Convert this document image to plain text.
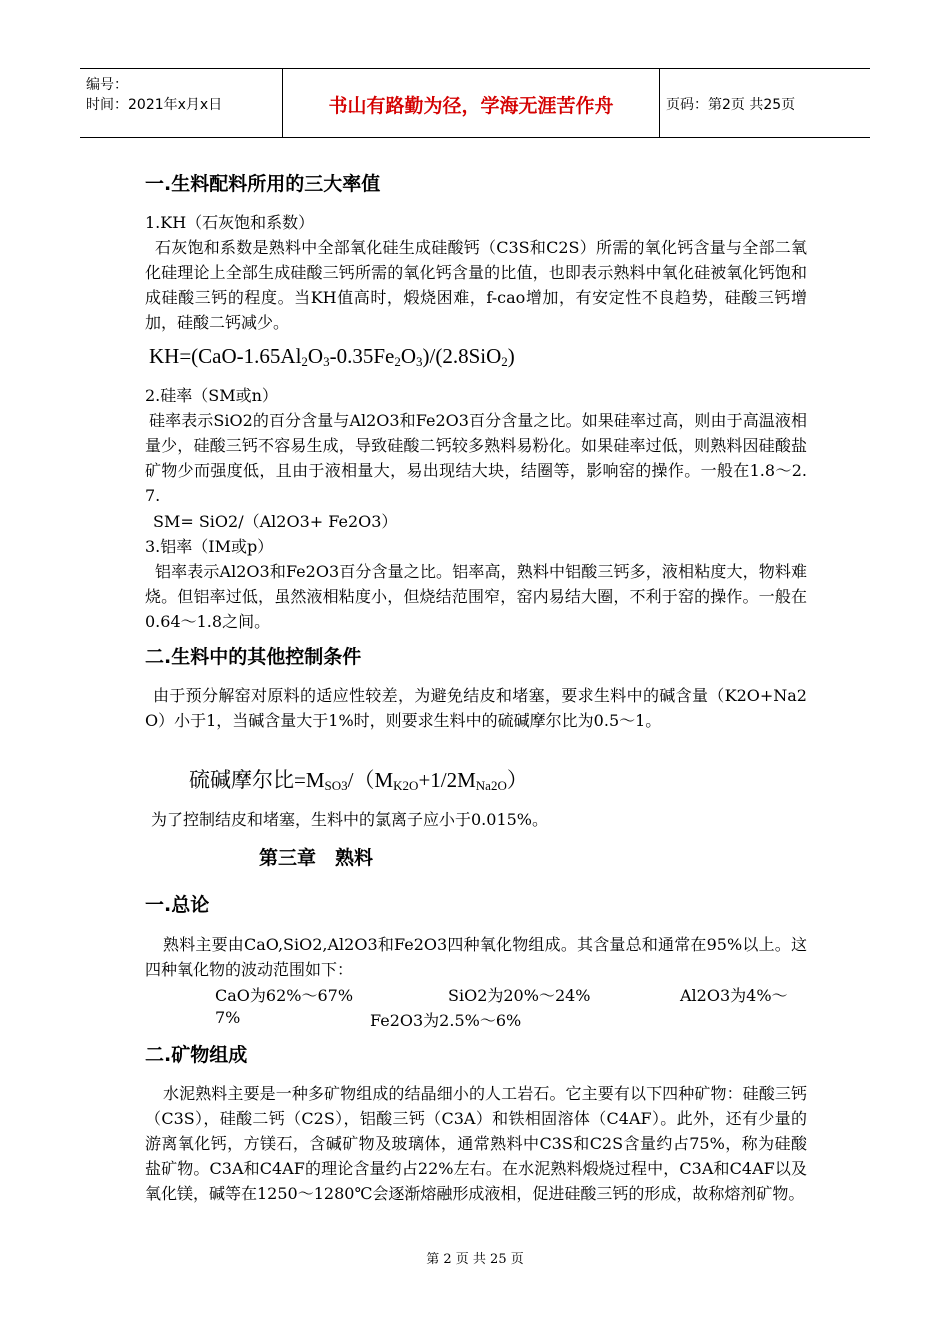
编号：
时间：2021年x月x日	书山有路勤为径，学海无涯苦作舟	页码：第2页 共25页
一.生料配料所用的三大率值
1.KH（石灰饱和系数）
石灰饱和系数是熟料中全部氧化硅生成硅酸钙（C3S和C2S）所需的氧化钙含量与全部二氧化硅理论上全部生成硅酸三钙所需的氧化钙含量的比值，也即表示熟料中氧化硅被氧化钙饱和成硅酸三钙的程度。当KH值高时，煅烧困难，f-cao增加，有安定性不良趋势，硅酸三钙增加，硅酸二钙减少。
$KH=(CaO-1.65Al_2O_3-0.35Fe_2O_3)/(2.8SiO_2)$
2.硅率（SM或n）
硅率表示SiO2的百分含量与Al2O3和Fe2O3百分含量之比。如果硅率过高，则由于高温液相量少，硅酸三钙不容易生成，导致硅酸二钙较多熟料易粉化。如果硅率过低，则熟料因硅酸盐矿物少而强度低，且由于液相量大，易出现结大块，结圈等，影响窑的操作。一般在1.8～2.7.
SM= SiO2/（Al2O3+ Fe2O3）
3.铝率（IM或p）
铝率表示Al2O3和Fe2O3百分含量之比。铝率高，熟料中铝酸三钙多，液相粘度大，物料难烧。但铝率过低，虽然液相粘度小，但烧结范围窄，窑内易结大圈，不利于窑的操作。一般在0.64～1.8之间。
二.生料中的其他控制条件
由于预分解窑对原料的适应性较差，为避免结皮和堵塞，要求生料中的碱含量（K2O+Na2O）小于1，当碱含量大于1%时，则要求生料中的硫碱摩尔比为0.5～1。
硫碱摩尔比$=M_{SO3}/(M_{K2O}+1/2M_{Na2O})$
为了控制结皮和堵塞，生料中的氯离子应小于0.015%。
第三章　熟料
一.总论
熟料主要由CaO,SiO2,Al2O3和Fe2O3四种氧化物组成。其含量总和通常在95%以上。这四种氧化物的波动范围如下：
CaO为62%～67%	SiO2为20%～24%	Al2O3为4%～
7%	Fe2O3为2.5%～6%
二.矿物组成
水泥熟料主要是一种多矿物组成的结晶细小的人工岩石。它主要有以下四种矿物：硅酸三钙（C3S），硅酸二钙（C2S），铝酸三钙（C3A）和铁相固溶体（C4AF）。此外，还有少量的游离氧化钙，方镁石，含碱矿物及玻璃体，通常熟料中C3S和C2S含量约占75%，称为硅酸盐矿物。C3A和C4AF的理论含量约占22%左右。在水泥熟料煅烧过程中，C3A和C4AF以及氧化镁，碱等在1250～1280℃会逐渐熔融形成液相，促进硅酸三钙的形成，故称熔剂矿物。
第 2 页 共 25 页
